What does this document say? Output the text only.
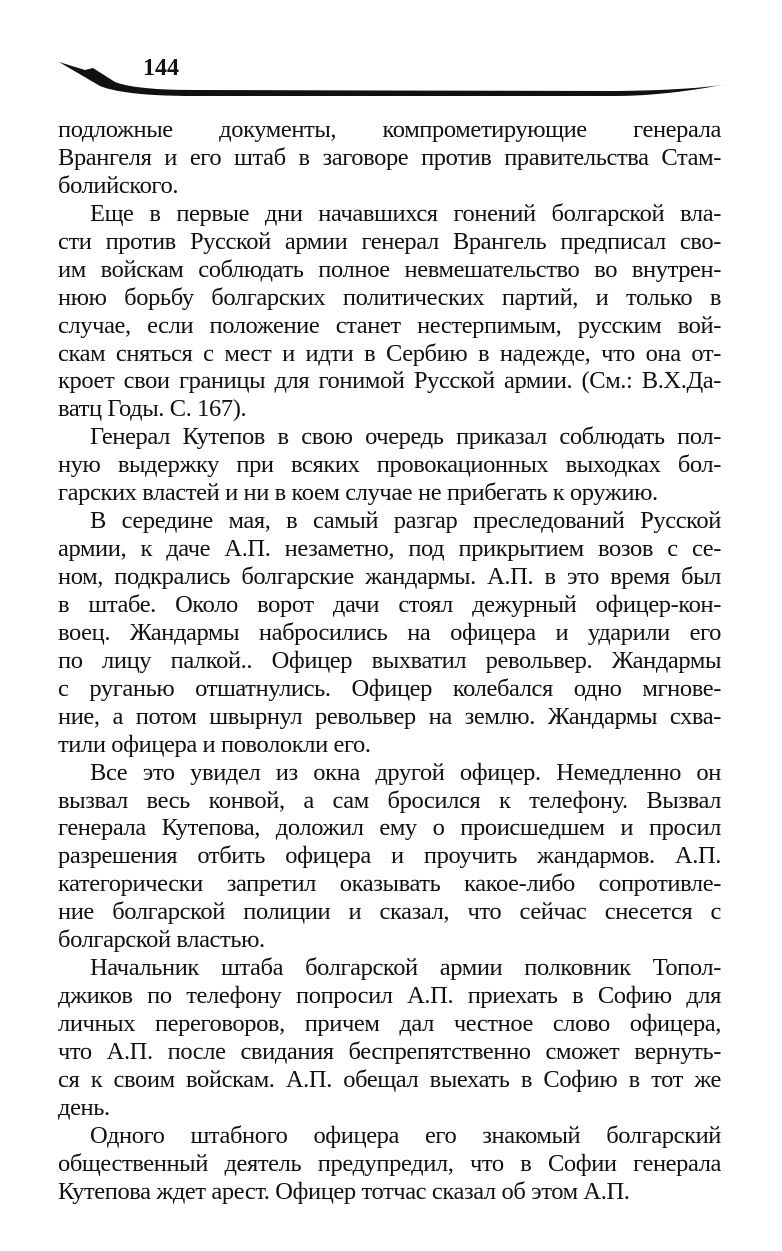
144
подложные документы, компрометирующие генерала
Врангеля и его штаб в заговоре против правительства Стам-
болийского.
Еще в первые дни начавшихся гонений болгарской вла-
сти против Русской армии генерал Врангель предписал сво-
им войскам соблюдать полное невмешательство во внутрен-
нюю борьбу болгарских политических партий, и только в
случае, если положение станет нестерпимым, русским вой-
скам сняться с мест и идти в Сербию в надежде, что она от-
кроет свои границы для гонимой Русской армии. (См.: В.Х.Да-
ватц Годы. С. 167).
Генерал Кутепов в свою очередь приказал соблюдать пол-
ную выдержку при всяких провокационных выходках бол-
гарских властей и ни в коем случае не прибегать к оружию.
В середине мая, в самый разгар преследований Русской
армии, к даче А.П. незаметно, под прикрытием возов с се-
ном, подкрались болгарские жандармы. А.П. в это время был
в штабе. Около ворот дачи стоял дежурный офицер-кон-
воец. Жандармы набросились на офицера и ударили его
по лицу палкой.. Офицер выхватил револьвер. Жандармы
с руганью отшатнулись. Офицер колебался одно мгнове-
ние, а потом швырнул револьвер на землю. Жандармы схва-
тили офицера и поволокли его.
Все это увидел из окна другой офицер. Немедленно он
вызвал весь конвой, а сам бросился к телефону. Вызвал
генерала Кутепова, доложил ему о происшедшем и просил
разрешения отбить офицера и проучить жандармов. А.П.
категорически запретил оказывать какое-либо сопротивле-
ние болгарской полиции и сказал, что сейчас снесется с
болгарской властью.
Начальник штаба болгарской армии полковник Топол-
джиков по телефону попросил А.П. приехать в Софию для
личных переговоров, причем дал честное слово офицера,
что А.П. после свидания беспрепятственно сможет вернуть-
ся к своим войскам. А.П. обещал выехать в Софию в тот же
день.
Одного штабного офицера его знакомый болгарский
общественный деятель предупредил, что в Софии генерала
Кутепова ждет арест. Офицер тотчас сказал об этом А.П.
